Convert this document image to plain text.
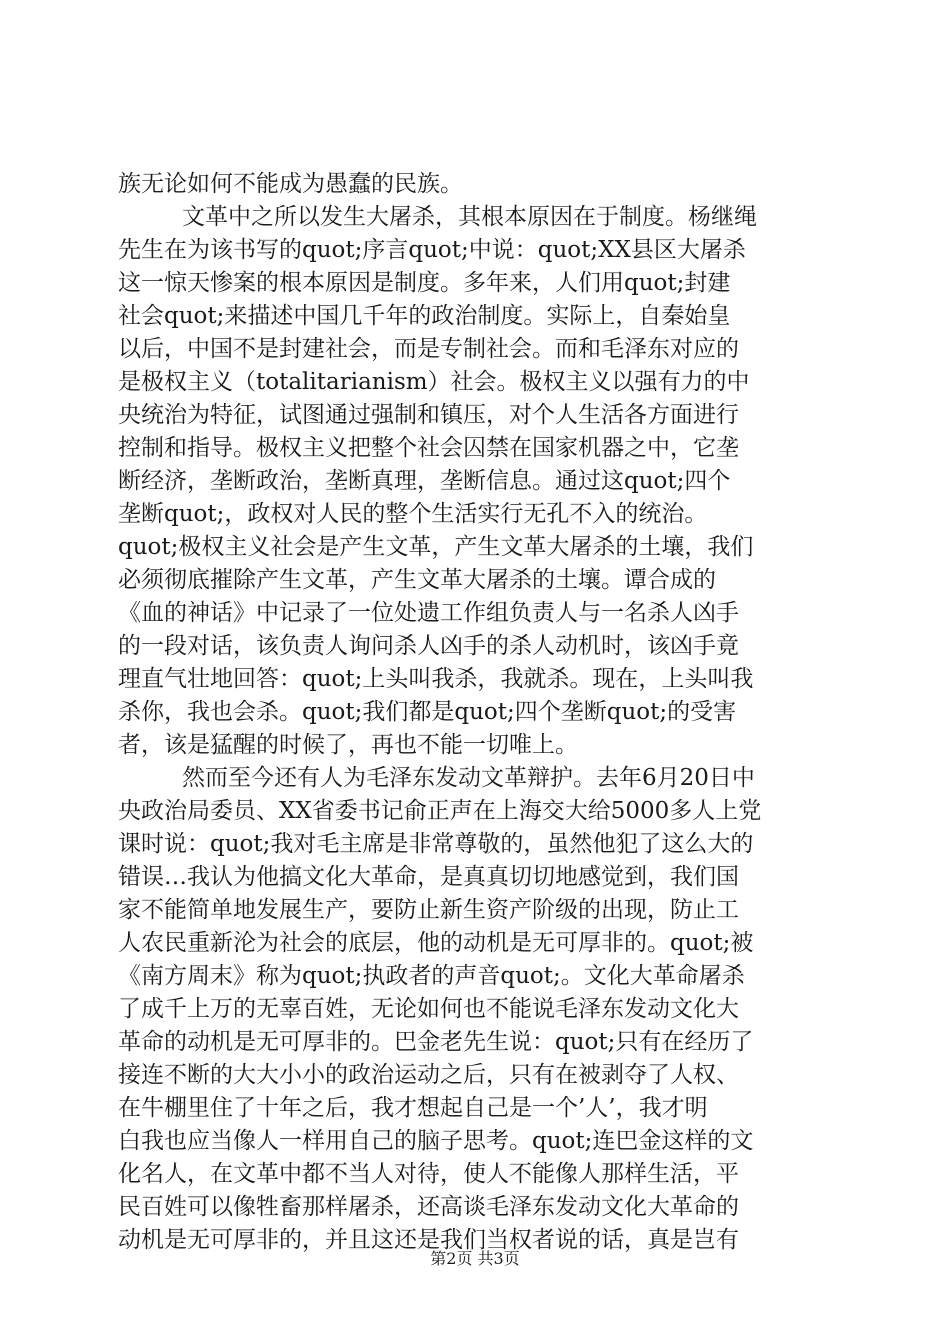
族无论如何不能成为愚蠢的民族。
文革中之所以发生大屠杀，其根本原因在于制度。杨继绳
先生在为该书写的quot;序言quot;中说：quot;XX县区大屠杀
这一惊天惨案的根本原因是制度。多年来，人们用quot;封建
社会quot;来描述中国几千年的政治制度。实际上，自秦始皇
以后，中国不是封建社会，而是专制社会。而和毛泽东对应的
是极权主义（totalitarianism）社会。极权主义以强有力的中
央统治为特征，试图通过强制和镇压，对个人生活各方面进行
控制和指导。极权主义把整个社会囚禁在国家机器之中，它垄
断经济，垄断政治，垄断真理，垄断信息。通过这quot;四个
垄断quot;，政权对人民的整个生活实行无孔不入的统治。
quot;极权主义社会是产生文革，产生文革大屠杀的土壤，我们
必须彻底摧除产生文革，产生文革大屠杀的土壤。谭合成的
《血的神话》中记录了一位处遗工作组负责人与一名杀人凶手
的一段对话，该负责人询问杀人凶手的杀人动机时，该凶手竟
理直气壮地回答：quot;上头叫我杀，我就杀。现在，上头叫我
杀你，我也会杀。quot;我们都是quot;四个垄断quot;的受害
者，该是猛醒的时候了，再也不能一切唯上。
然而至今还有人为毛泽东发动文革辩护。去年6月20日中
央政治局委员、XX省委书记俞正声在上海交大给5000多人上党
课时说：quot;我对毛主席是非常尊敬的，虽然他犯了这么大的
错误…我认为他搞文化大革命，是真真切切地感觉到，我们国
家不能简单地发展生产，要防止新生资产阶级的出现，防止工
人农民重新沦为社会的底层，他的动机是无可厚非的。quot;被
《南方周末》称为quot;执政者的声音quot;。文化大革命屠杀
了成千上万的无辜百姓，无论如何也不能说毛泽东发动文化大
革命的动机是无可厚非的。巴金老先生说：quot;只有在经历了
接连不断的大大小小的政治运动之后，只有在被剥夺了人权、
在牛棚里住了十年之后，我才想起自己是一个’人’，我才明
白我也应当像人一样用自己的脑子思考。quot;连巴金这样的文
化名人，在文革中都不当人对待，使人不能像人那样生活，平
民百姓可以像牲畜那样屠杀，还高谈毛泽东发动文化大革命的
动机是无可厚非的，并且这还是我们当权者说的话，真是岂有
第2页 共3页
